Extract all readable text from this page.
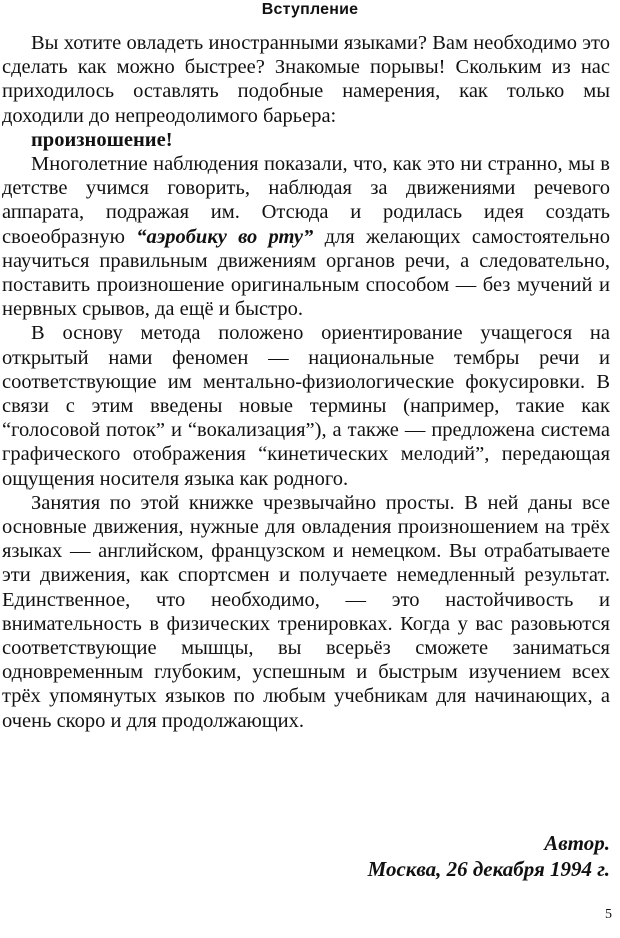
Вступление

Вы хотите овладеть иностранными языками? Вам необходимо это сделать как можно быстрее? Знакомые порывы! Скольким из нас приходилось оставлять подобные намерения, как только мы доходили до непреодолимого барьера:

произношение!

Многолетние наблюдения показали, что, как это ни странно, мы в детстве учимся говорить, наблюдая за движениями речевого аппарата, подражая им. Отсюда и родилась идея создать своеобразную “аэробику во рту” для желающих самостоятельно научиться правильным движениям органов речи, а следовательно, поставить произношение оригинальным способом — без мучений и нервных срывов, да ещё и быстро.

В основу метода положено ориентирование учащегося на открытый нами феномен — национальные тембры речи и соответствующие им ментально-физиологические фокусировки. В связи с этим введены новые термины (например, такие как “голосовой поток” и “вокализация”), а также — предложена система графического отображения “кинетических мелодий”, передающая ощущения носителя языка как родного.

Занятия по этой книжке чрезвычайно просты. В ней даны все основные движения, нужные для овладения произношением на трёх языках — английском, французском и немецком. Вы отрабатываете эти движения, как спортсмен и получаете немедленный результат. Единственное, что необходимо, — это настойчивость и внимательность в физических тренировках. Когда у вас разовьются соответствующие мышцы, вы всерьёз сможете заниматься одновременным глубоким, успешным и быстрым изучением всех трёх упомянутых языков по любым учебникам для начинающих, а очень скоро и для продолжающих.

Автор.
Москва, 26 декабря 1994 г.
5
